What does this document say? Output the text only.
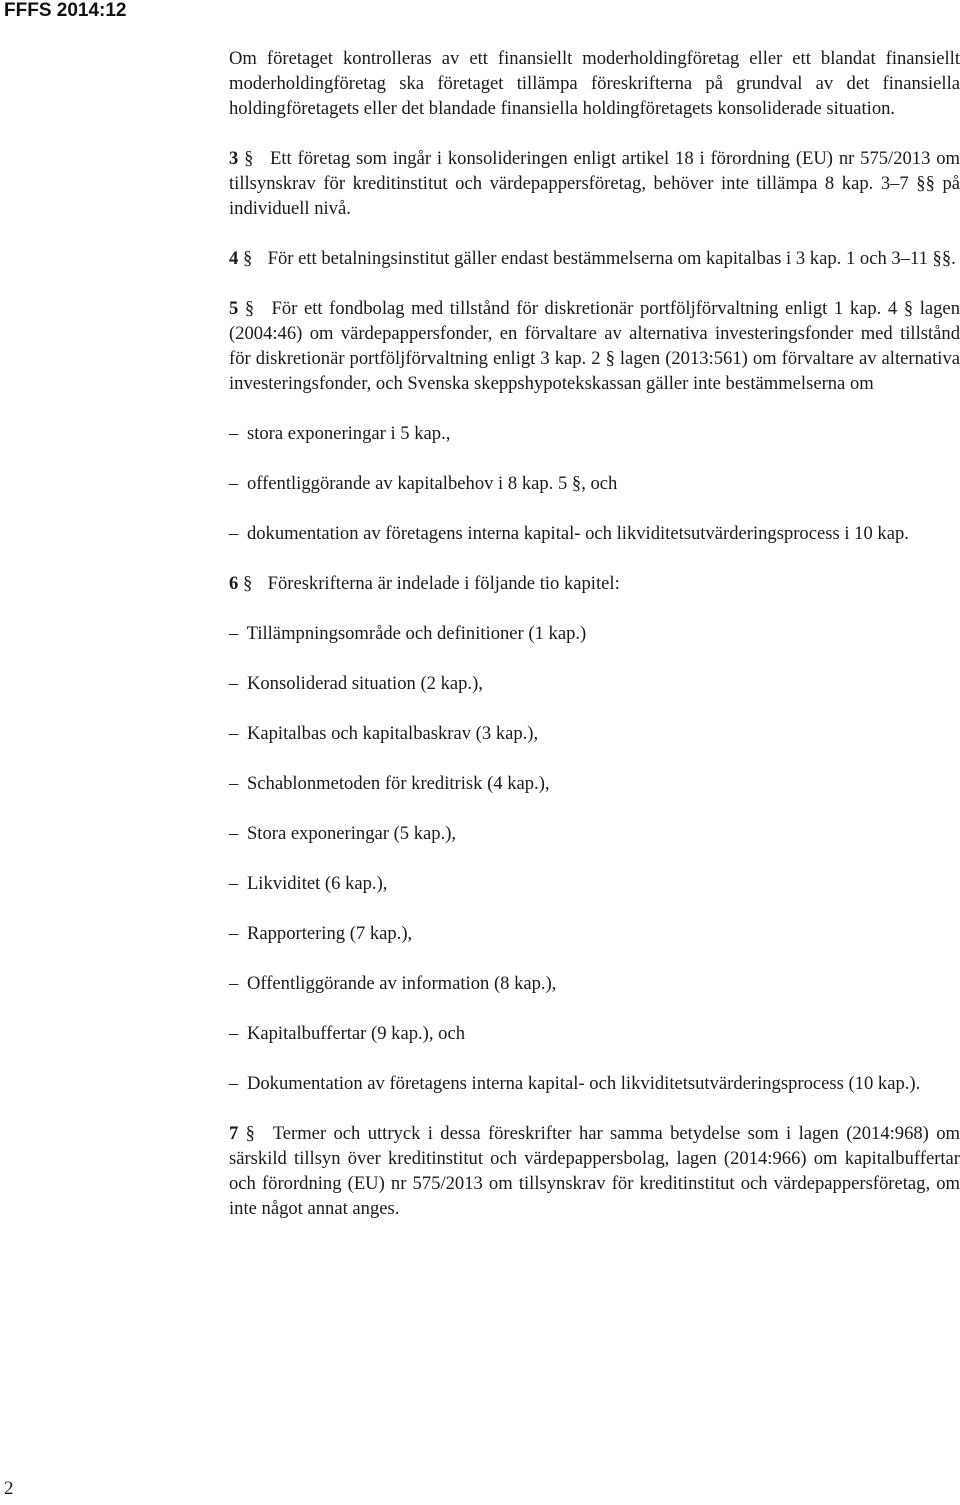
FFFS 2014:12

Om företaget kontrolleras av ett finansiellt moderholdingföretag eller ett blandat finansiellt moderholdingföretag ska företaget tillämpa föreskrifterna på grundval av det finansiella holdingföretagets eller det blandade finansiella holdingföretagets konsoliderade situation.

3 § Ett företag som ingår i konsolideringen enligt artikel 18 i förordning (EU) nr 575/2013 om tillsynskrav för kreditinstitut och värdepappersföretag, behöver inte tillämpa 8 kap. 3–7 §§ på individuell nivå.

4 § För ett betalningsinstitut gäller endast bestämmelserna om kapitalbas i 3 kap. 1 och 3–11 §§.

5 § För ett fondbolag med tillstånd för diskretionär portföljförvaltning enligt 1 kap. 4 § lagen (2004:46) om värdepappersfonder, en förvaltare av alternativa investeringsfonder med tillstånd för diskretionär portföljförvaltning enligt 3 kap. 2 § lagen (2013:561) om förvaltare av alternativa investeringsfonder, och Svenska skeppshypotekskassan gäller inte bestämmelserna om

– stora exponeringar i 5 kap.,

– offentliggörande av kapitalbehov i 8 kap. 5 §, och

– dokumentation av företagens interna kapital- och likviditetsutvärderingsprocess i 10 kap.

6 § Föreskrifterna är indelade i följande tio kapitel:

– Tillämpningsområde och definitioner (1 kap.)

– Konsoliderad situation (2 kap.),

– Kapitalbas och kapitalbaskrav (3 kap.),

– Schablonmetoden för kreditrisk (4 kap.),

– Stora exponeringar (5 kap.),

– Likviditet (6 kap.),

– Rapportering (7 kap.),

– Offentliggörande av information (8 kap.),

– Kapitalbuffertar (9 kap.), och

– Dokumentation av företagens interna kapital- och likviditetsutvärderingsprocess (10 kap.).

7 § Termer och uttryck i dessa föreskrifter har samma betydelse som i lagen (2014:968) om särskild tillsyn över kreditinstitut och värdepappersbolag, lagen (2014:966) om kapitalbuffertar och förordning (EU) nr 575/2013 om tillsynskrav för kreditinstitut och värdepappersföretag, om inte något annat anges.

2
